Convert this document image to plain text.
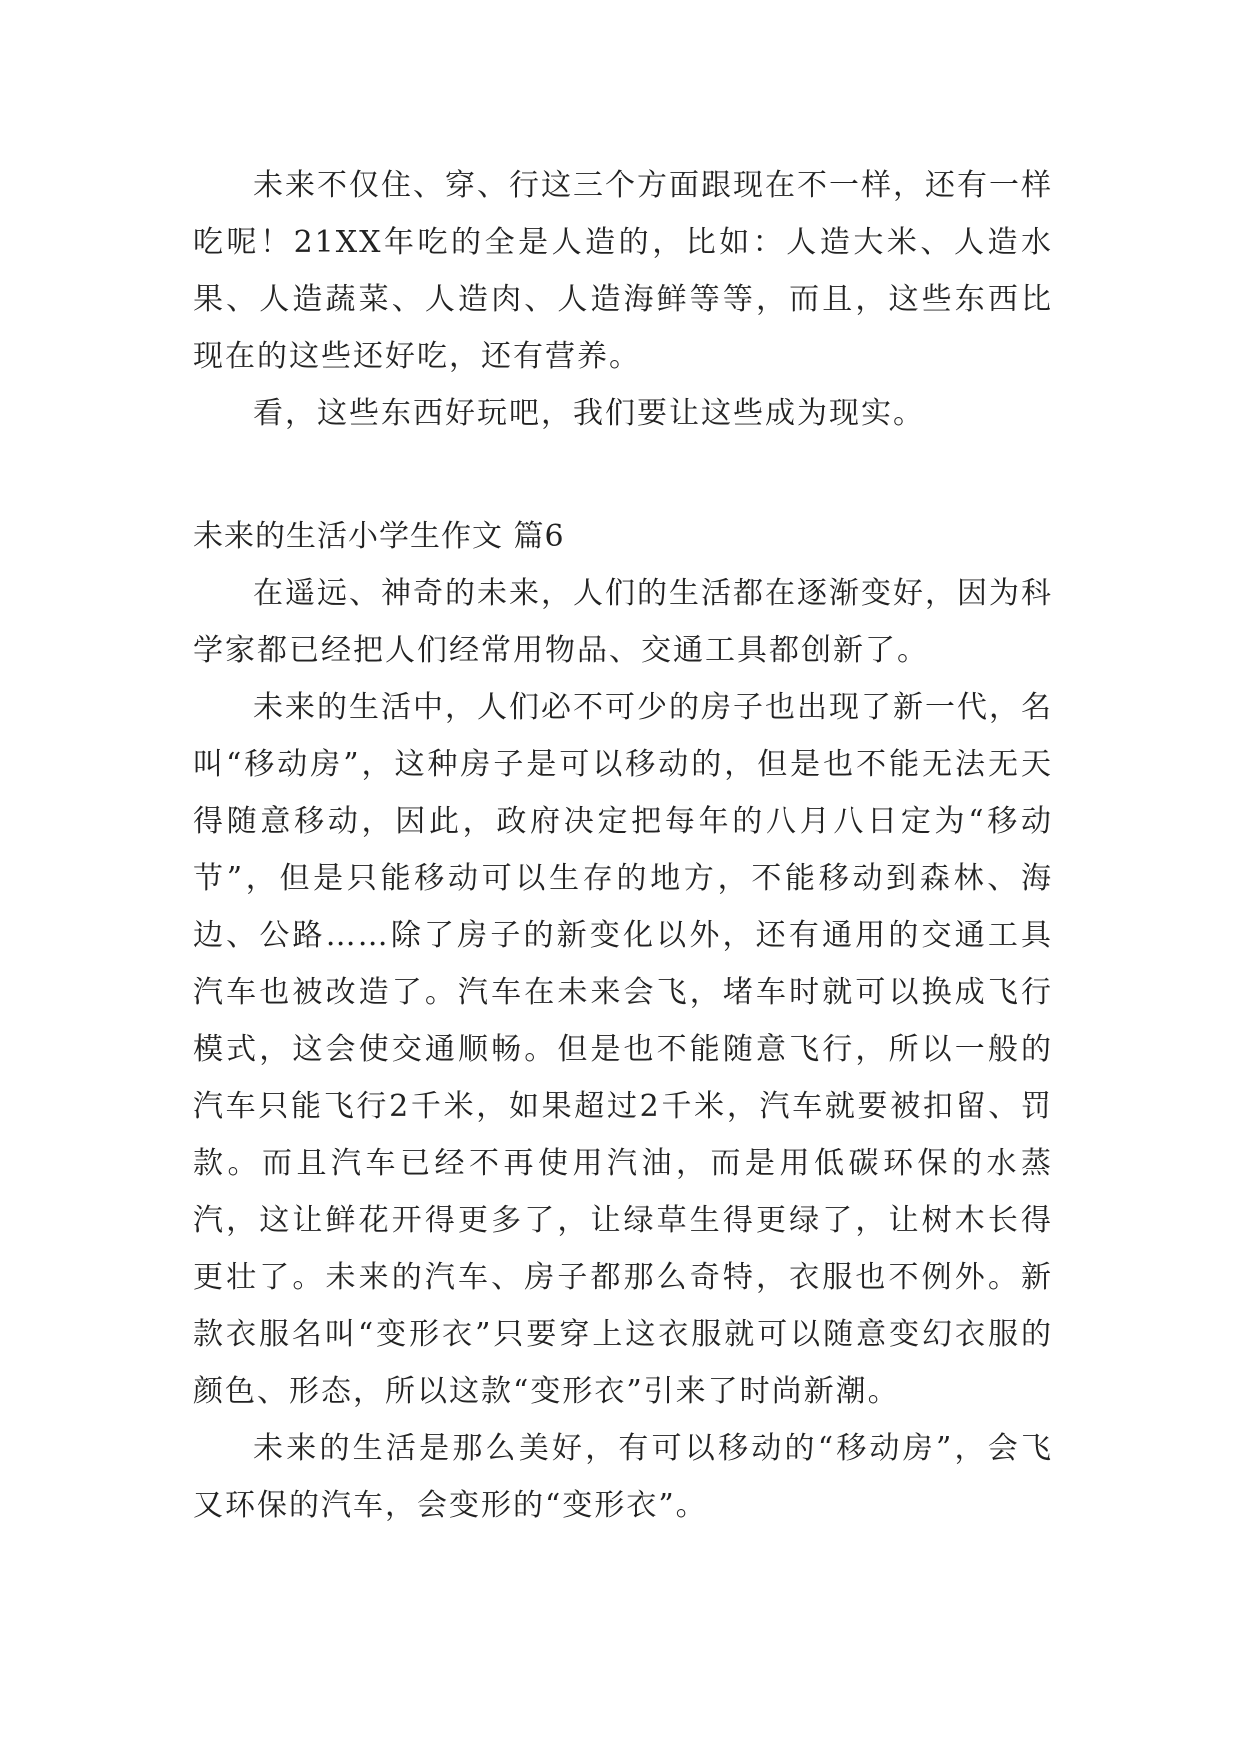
未来不仅住、穿、行这三个方面跟现在不一样，还有一样吃呢！21XX年吃的全是人造的，比如：人造大米、人造水果、人造蔬菜、人造肉、人造海鲜等等，而且，这些东西比现在的这些还好吃，还有营养。

看，这些东西好玩吧，我们要让这些成为现实。

未来的生活小学生作文 篇6

在遥远、神奇的未来，人们的生活都在逐渐变好，因为科学家都已经把人们经常用物品、交通工具都创新了。

未来的生活中，人们必不可少的房子也出现了新一代，名叫“移动房”，这种房子是可以移动的，但是也不能无法无天得随意移动，因此，政府决定把每年的八月八日定为“移动节”，但是只能移动可以生存的地方，不能移动到森林、海边、公路……除了房子的新变化以外，还有通用的交通工具汽车也被改造了。汽车在未来会飞，堵车时就可以换成飞行模式，这会使交通顺畅。但是也不能随意飞行，所以一般的汽车只能飞行2千米，如果超过2千米，汽车就要被扣留、罚款。而且汽车已经不再使用汽油，而是用低碳环保的水蒸汽，这让鲜花开得更多了，让绿草生得更绿了，让树木长得更壮了。未来的汽车、房子都那么奇特，衣服也不例外。新款衣服名叫“变形衣”只要穿上这衣服就可以随意变幻衣服的颜色、形态，所以这款“变形衣”引来了时尚新潮。

未来的生活是那么美好，有可以移动的“移动房”，会飞又环保的汽车，会变形的“变形衣”。
